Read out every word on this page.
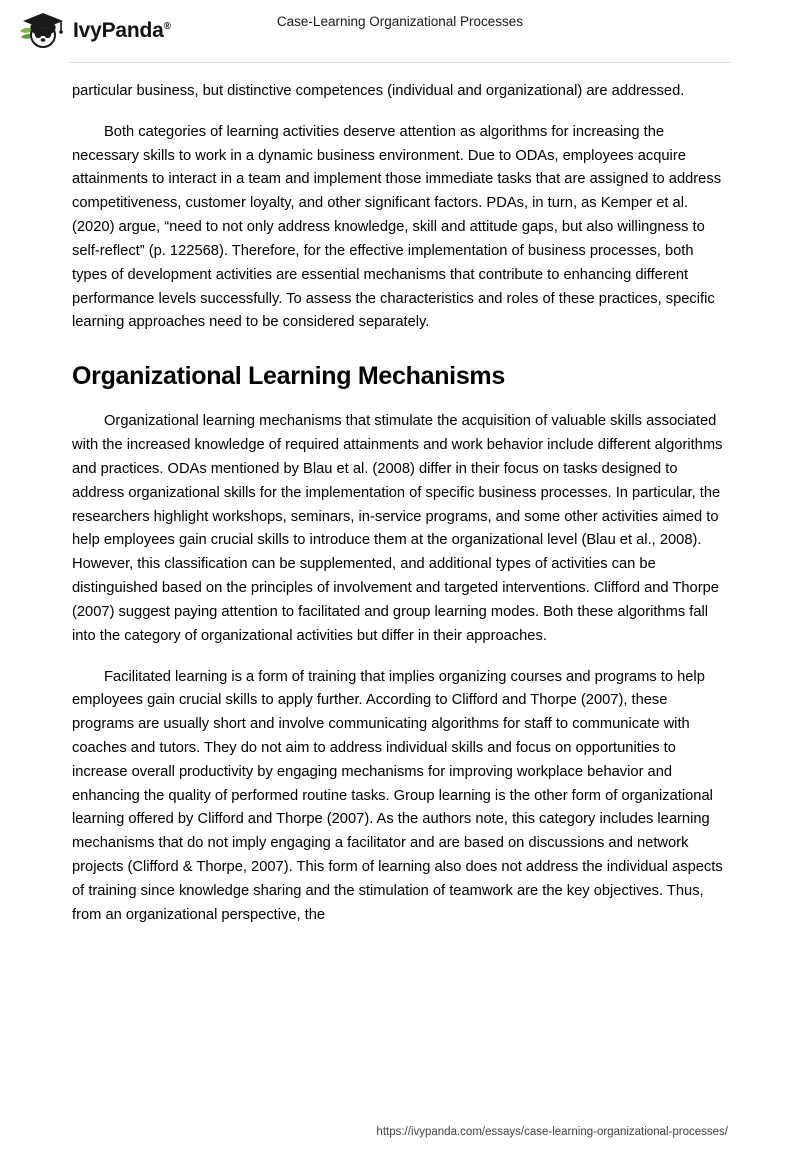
IvyPanda®	Case-Learning Organizational Processes

particular business, but distinctive competences (individual and organizational) are addressed.

Both categories of learning activities deserve attention as algorithms for increasing the necessary skills to work in a dynamic business environment. Due to ODAs, employees acquire attainments to interact in a team and implement those immediate tasks that are assigned to address competitiveness, customer loyalty, and other significant factors. PDAs, in turn, as Kemper et al. (2020) argue, “need to not only address knowledge, skill and attitude gaps, but also willingness to self-reflect” (p. 122568). Therefore, for the effective implementation of business processes, both types of development activities are essential mechanisms that contribute to enhancing different performance levels successfully. To assess the characteristics and roles of these practices, specific learning approaches need to be considered separately.

Organizational Learning Mechanisms

Organizational learning mechanisms that stimulate the acquisition of valuable skills associated with the increased knowledge of required attainments and work behavior include different algorithms and practices. ODAs mentioned by Blau et al. (2008) differ in their focus on tasks designed to address organizational skills for the implementation of specific business processes. In particular, the researchers highlight workshops, seminars, in-service programs, and some other activities aimed to help employees gain crucial skills to introduce them at the organizational level (Blau et al., 2008). However, this classification can be supplemented, and additional types of activities can be distinguished based on the principles of involvement and targeted interventions. Clifford and Thorpe (2007) suggest paying attention to facilitated and group learning modes. Both these algorithms fall into the category of organizational activities but differ in their approaches.

Facilitated learning is a form of training that implies organizing courses and programs to help employees gain crucial skills to apply further. According to Clifford and Thorpe (2007), these programs are usually short and involve communicating algorithms for staff to communicate with coaches and tutors. They do not aim to address individual skills and focus on opportunities to increase overall productivity by engaging mechanisms for improving workplace behavior and enhancing the quality of performed routine tasks. Group learning is the other form of organizational learning offered by Clifford and Thorpe (2007). As the authors note, this category includes learning mechanisms that do not imply engaging a facilitator and are based on discussions and network projects (Clifford & Thorpe, 2007). This form of learning also does not address the individual aspects of training since knowledge sharing and the stimulation of teamwork are the key objectives. Thus, from an organizational perspective, the

https://ivypanda.com/essays/case-learning-organizational-processes/
